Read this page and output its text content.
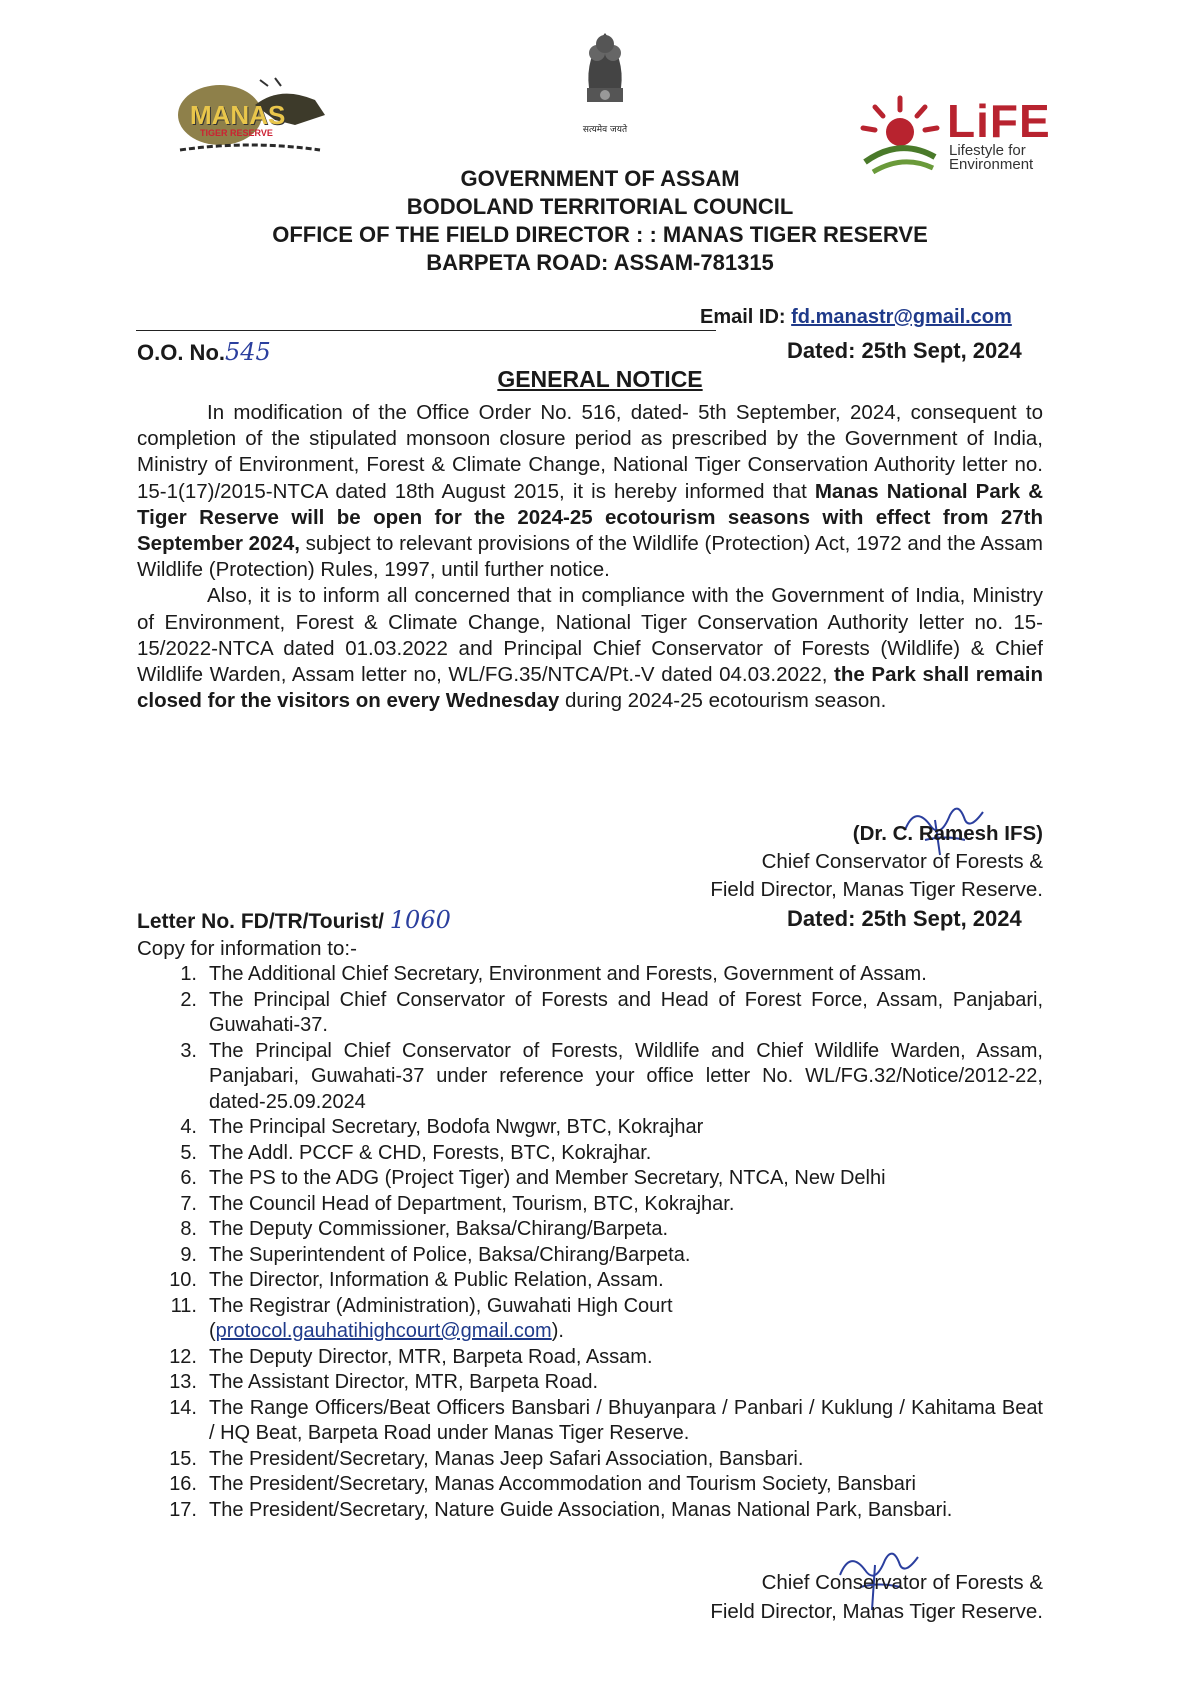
MANAS
TIGER RESERVE	सत्यमेव जयते	LiFE
Lifestyle for
Environment
GOVERNMENT OF ASSAM
BODOLAND TERRITORIAL COUNCIL
OFFICE OF THE FIELD DIRECTOR : : MANAS TIGER RESERVE
BARPETA ROAD: ASSAM-781315
Email ID: fd.manastr@gmail.com
O.O. No.545	Dated: 25th Sept, 2024
GENERAL NOTICE

In modification of the Office Order No. 516, dated- 5th September, 2024, consequent to completion of the stipulated monsoon closure period as prescribed by the Government of India, Ministry of Environment, Forest & Climate Change, National Tiger Conservation Authority letter no. 15-1(17)/2015-NTCA dated 18th August 2015, it is hereby informed that Manas National Park & Tiger Reserve will be open for the 2024-25 ecotourism seasons with effect from 27th September 2024, subject to relevant provisions of the Wildlife (Protection) Act, 1972 and the Assam Wildlife (Protection) Rules, 1997, until further notice.

Also, it is to inform all concerned that in compliance with the Government of India, Ministry of Environment, Forest & Climate Change, National Tiger Conservation Authority letter no. 15-15/2022-NTCA dated 01.03.2022 and Principal Chief Conservator of Forests (Wildlife) & Chief Wildlife Warden, Assam letter no, WL/FG.35/NTCA/Pt.-V dated 04.03.2022, the Park shall remain closed for the visitors on every Wednesday during 2024-25 ecotourism season.

(Dr. C. Ramesh IFS)
Chief Conservator of Forests &
Field Director, Manas Tiger Reserve.
Letter No. FD/TR/Tourist/ 1060	Dated: 25th Sept, 2024
Copy for information to:-
1. The Additional Chief Secretary, Environment and Forests, Government of Assam.
2. The Principal Chief Conservator of Forests and Head of Forest Force, Assam, Panjabari, Guwahati-37.
3. The Principal Chief Conservator of Forests, Wildlife and Chief Wildlife Warden, Assam, Panjabari, Guwahati-37 under reference your office letter No. WL/FG.32/Notice/2012-22, dated-25.09.2024
4. The Principal Secretary, Bodofa Nwgwr, BTC, Kokrajhar
5. The Addl. PCCF & CHD, Forests, BTC, Kokrajhar.
6. The PS to the ADG (Project Tiger) and Member Secretary, NTCA, New Delhi
7. The Council Head of Department, Tourism, BTC, Kokrajhar.
8. The Deputy Commissioner, Baksa/Chirang/Barpeta.
9. The Superintendent of Police, Baksa/Chirang/Barpeta.
10. The Director, Information & Public Relation, Assam.
11. The Registrar (Administration), Guwahati High Court
(protocol.gauhatihighcourt@gmail.com).
12. The Deputy Director, MTR, Barpeta Road, Assam.
13. The Assistant Director, MTR, Barpeta Road.
14. The Range Officers/Beat Officers Bansbari / Bhuyanpara / Panbari / Kuklung / Kahitama Beat / HQ Beat, Barpeta Road under Manas Tiger Reserve.
15. The President/Secretary, Manas Jeep Safari Association, Bansbari.
16. The President/Secretary, Manas Accommodation and Tourism Society, Bansbari
17. The President/Secretary, Nature Guide Association, Manas National Park, Bansbari.
Chief Conservator of Forests &
Field Director, Manas Tiger Reserve.
